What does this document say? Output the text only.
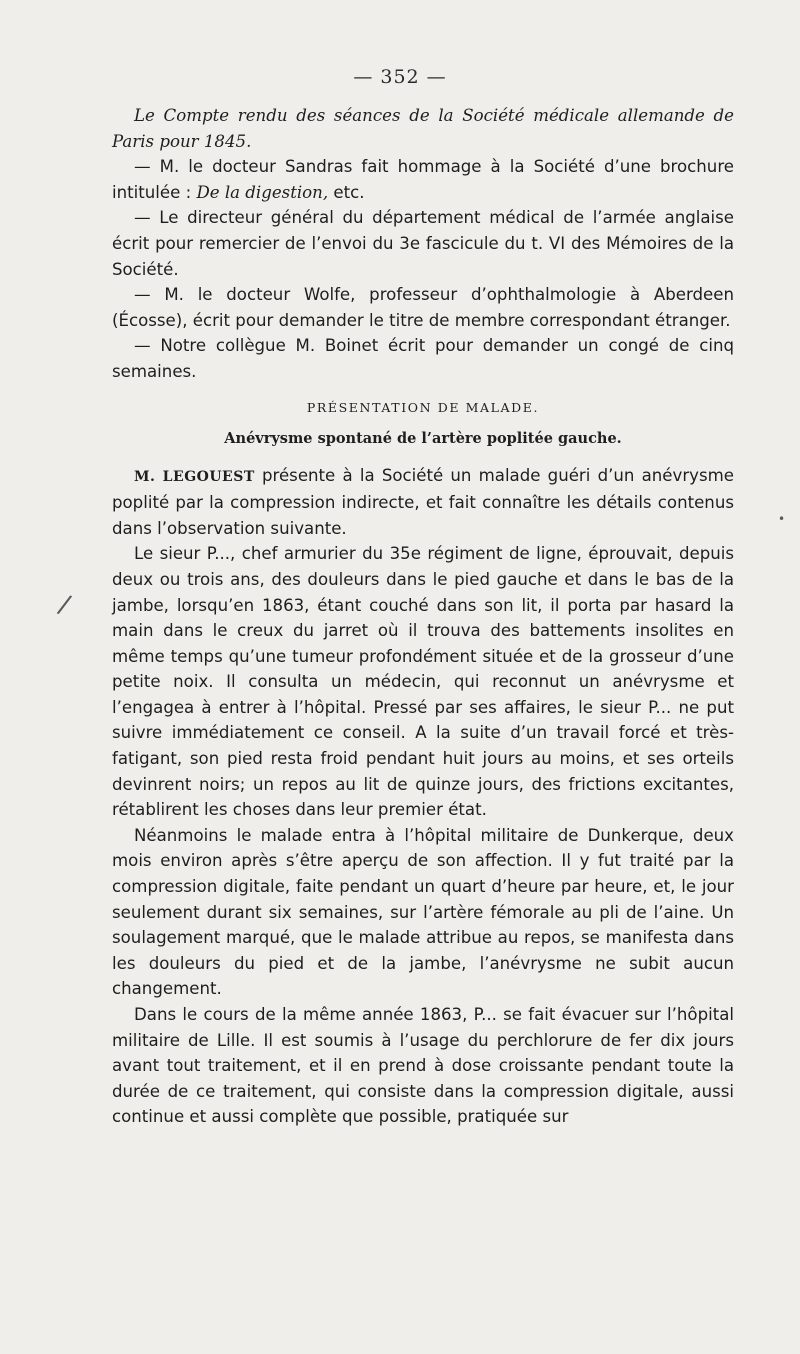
— 352 —
/
•

Le Compte rendu des séances de la Société médicale allemande de Paris pour 1845.

— M. le docteur Sandras fait hommage à la Société d’une brochure intitulée : De la digestion, etc.

— Le directeur général du département médical de l’armée anglaise écrit pour remercier de l’envoi du 3e fascicule du t. VI des Mémoires de la Société.

— M. le docteur Wolfe, professeur d’ophthalmologie à Aberdeen (Écosse), écrit pour demander le titre de membre correspondant étranger.

— Notre collègue M. Boinet écrit pour demander un congé de cinq semaines.

PRÉSENTATION DE MALADE.

Anévrysme spontané de l’artère poplitée gauche.

M. LEGOUEST présente à la Société un malade guéri d’un anévrysme poplité par la compression indirecte, et fait connaître les détails contenus dans l’observation suivante.

Le sieur P..., chef armurier du 35e régiment de ligne, éprouvait, depuis deux ou trois ans, des douleurs dans le pied gauche et dans le bas de la jambe, lorsqu’en 1863, étant couché dans son lit, il porta par hasard la main dans le creux du jarret où il trouva des battements insolites en même temps qu’une tumeur profondément située et de la grosseur d’une petite noix. Il consulta un médecin, qui reconnut un anévrysme et l’engagea à entrer à l’hôpital. Pressé par ses affaires, le sieur P... ne put suivre immédiatement ce conseil. A la suite d’un travail forcé et très-fatigant, son pied resta froid pendant huit jours au moins, et ses orteils devinrent noirs; un repos au lit de quinze jours, des frictions excitantes, rétablirent les choses dans leur premier état.

Néanmoins le malade entra à l’hôpital militaire de Dunkerque, deux mois environ après s’être aperçu de son affection. Il y fut traité par la compression digitale, faite pendant un quart d’heure par heure, et, le jour seulement durant six semaines, sur l’artère fémorale au pli de l’aine. Un soulagement marqué, que le malade attribue au repos, se manifesta dans les douleurs du pied et de la jambe, l’anévrysme ne subit aucun changement.

Dans le cours de la même année 1863, P... se fait évacuer sur l’hôpital militaire de Lille. Il est soumis à l’usage du perchlorure de fer dix jours avant tout traitement, et il en prend à dose croissante pendant toute la durée de ce traitement, qui consiste dans la compression digitale, aussi continue et aussi complète que possible, pratiquée sur
